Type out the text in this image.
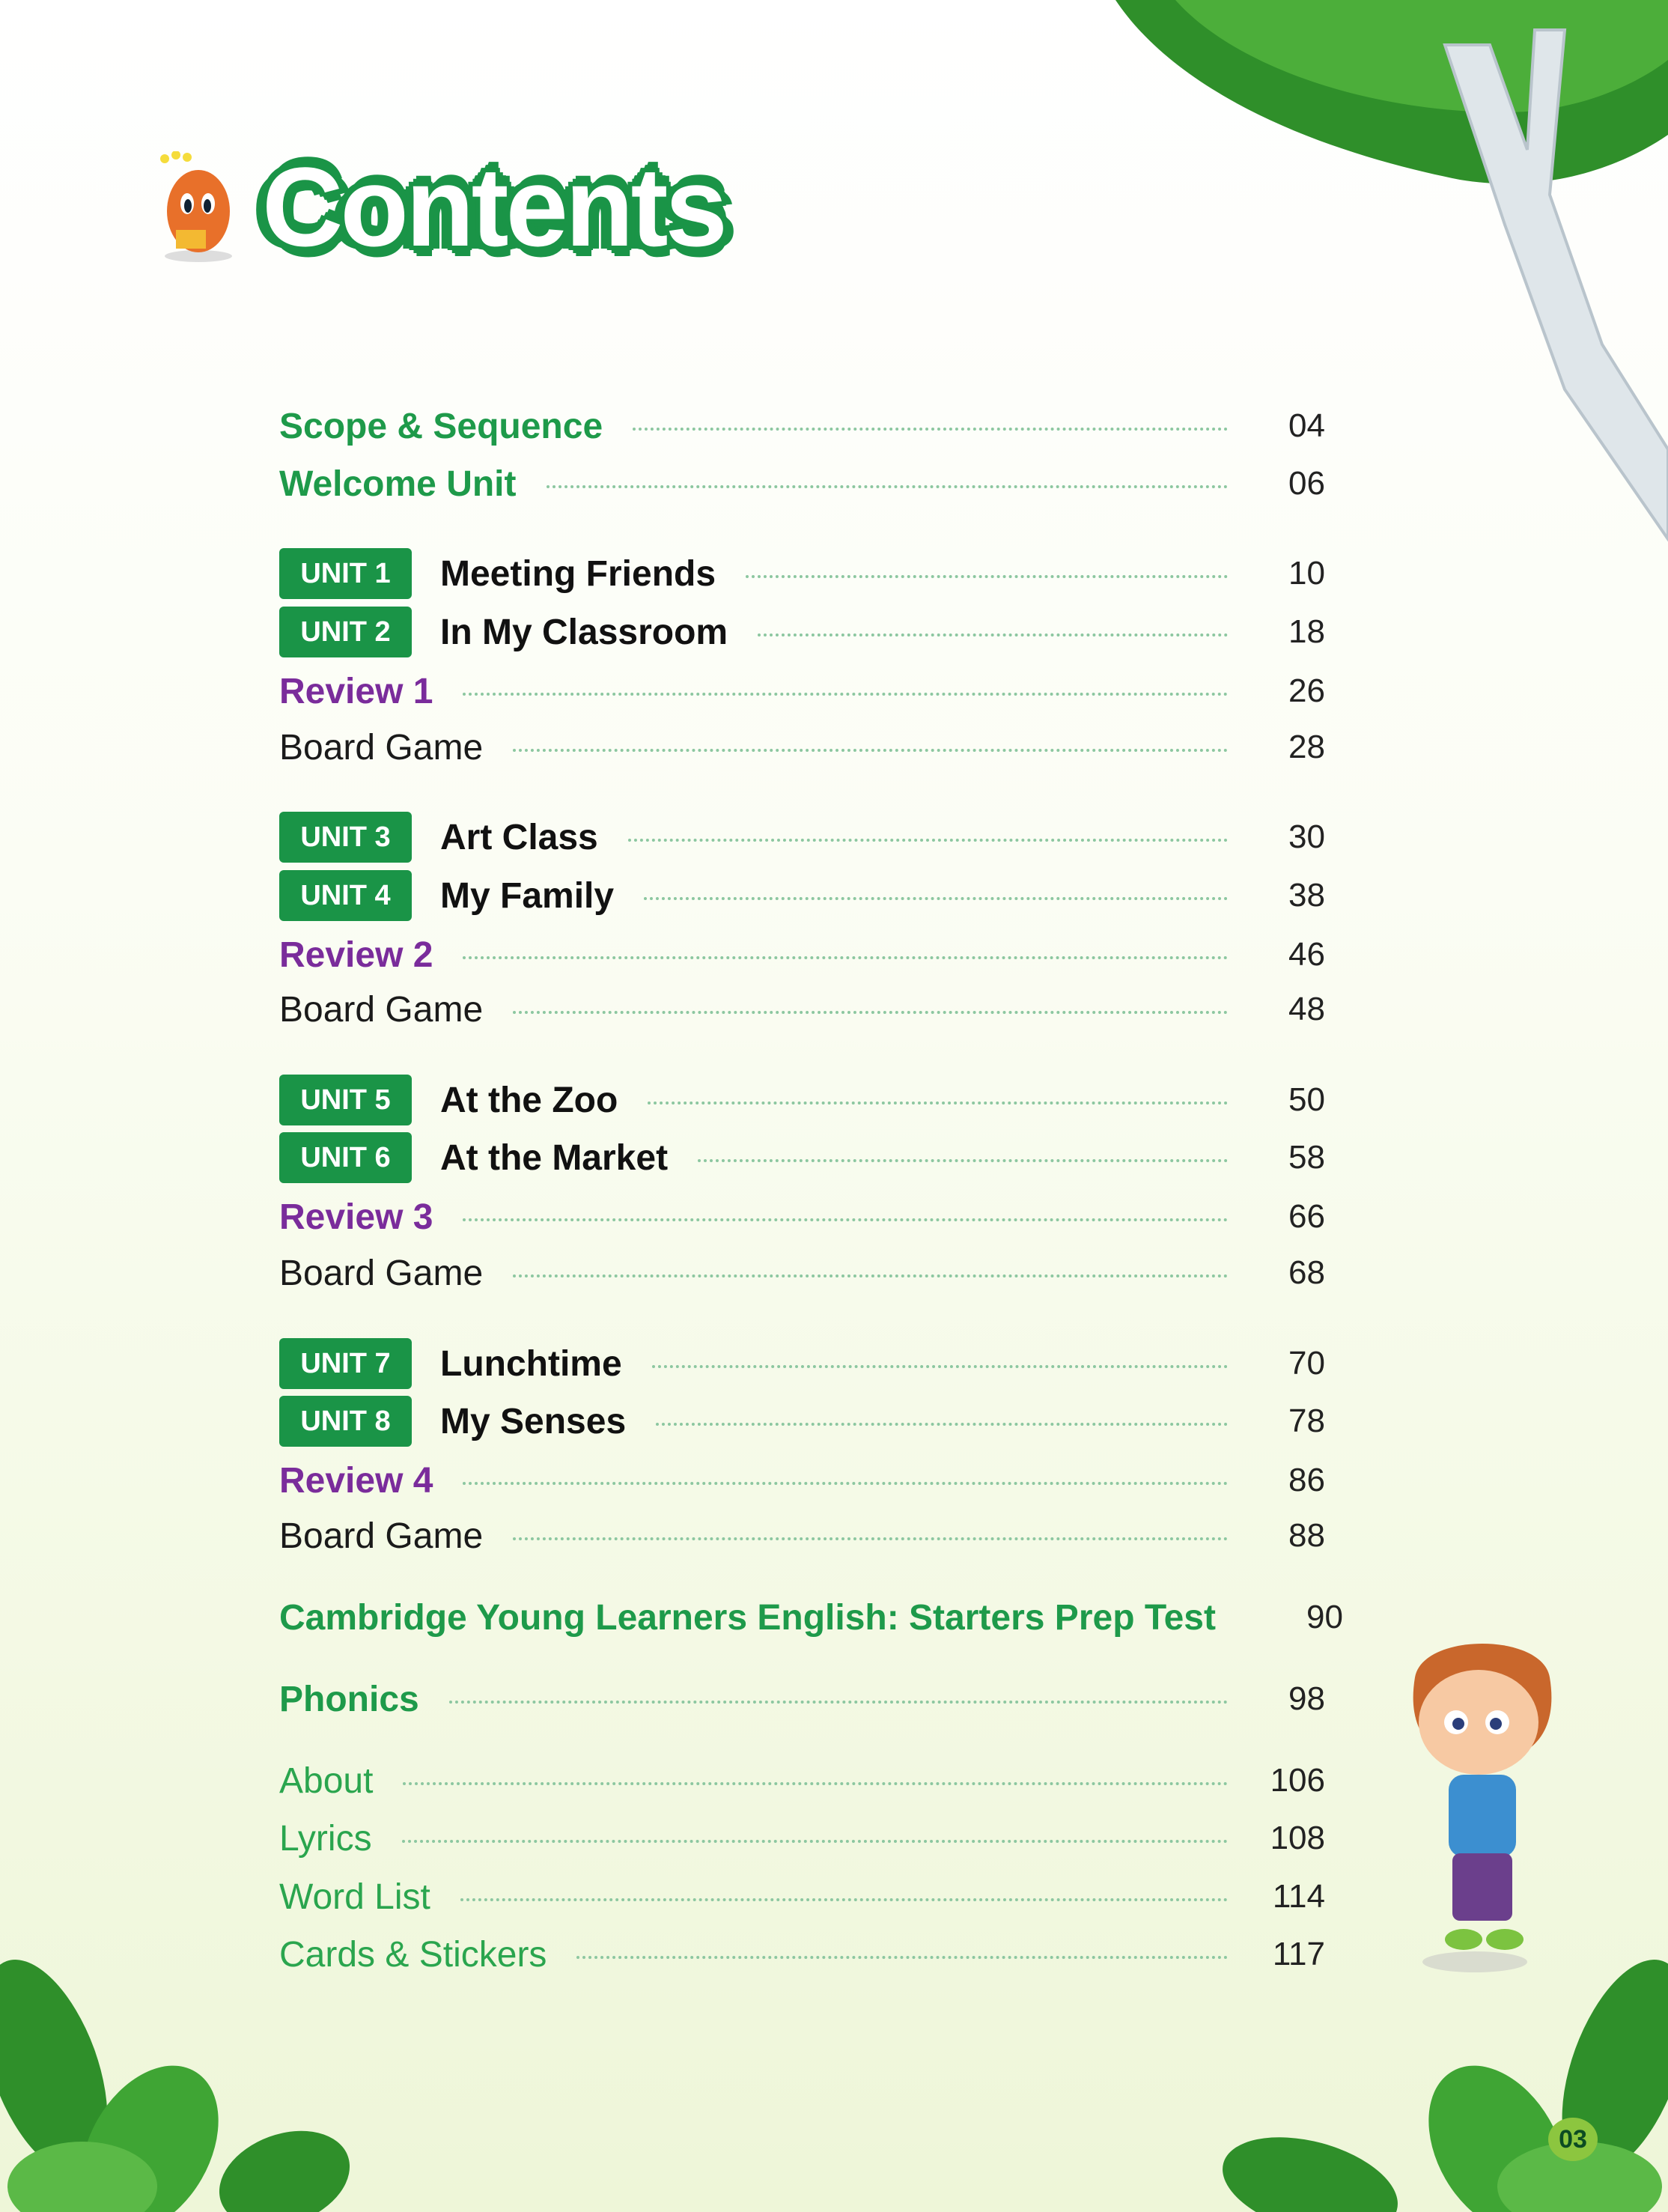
Contents
Scope & Sequence	04
Welcome Unit	06
UNIT 1	Meeting Friends	10
UNIT 2	In My Classroom	18
Review 1	26
Board Game	28
UNIT 3	Art Class	30
UNIT 4	My Family	38
Review 2	46
Board Game	48
UNIT 5	At the Zoo	50
UNIT 6	At the Market	58
Review 3	66
Board Game	68
UNIT 7	Lunchtime	70
UNIT 8	My Senses	78
Review 4	86
Board Game	88
Cambridge Young Learners English: Starters Prep Test	90
Phonics	98
About	106
Lyrics	108
Word List	114
Cards & Stickers	117
03
